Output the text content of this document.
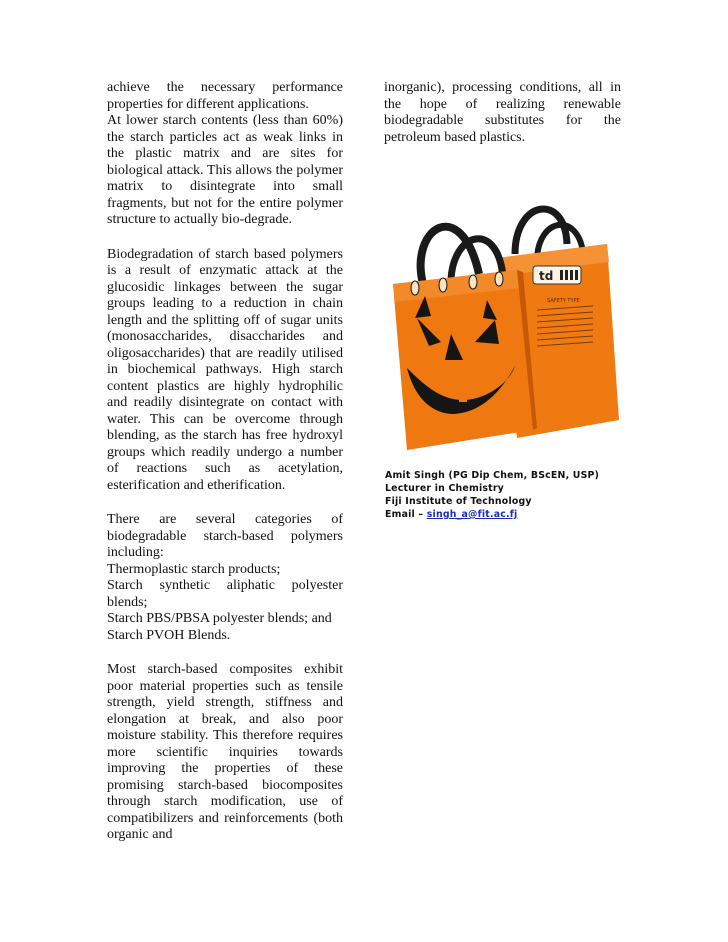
achieve the necessary performance properties for different applications.
At lower starch contents (less than 60%) the starch particles act as weak links in the plastic matrix and are sites for biological attack. This allows the polymer matrix to disintegrate into small fragments, but not for the entire polymer structure to actually bio-degrade.

Biodegradation of starch based polymers is a result of enzymatic attack at the glucosidic linkages between the sugar groups leading to a reduction in chain length and the splitting off of sugar units (monosaccharides, disaccharides and oligosaccharides) that are readily utilised in biochemical pathways. High starch content plastics are highly hydrophilic and readily disintegrate on contact with water. This can be overcome through blending, as the starch has free hydroxyl groups which readily undergo a number of reactions such as acetylation, esterification and etherification.

There are several categories of biodegradable starch-based polymers including:
Thermoplastic starch products;
Starch synthetic aliphatic polyester blends;
Starch PBS/PBSA polyester blends; and
Starch PVOH Blends.

Most starch-based composites exhibit poor material properties such as tensile strength, yield strength, stiffness and elongation at break, and also poor moisture stability. This therefore requires more scientific inquiries towards improving the properties of these promising starch-based biocomposites through starch modification, use of compatibilizers and reinforcements (both organic and

inorganic), processing conditions, all in the hope of realizing renewable biodegradable substitutes for the petroleum based plastics.

td
SAFETY TYPE
Amit Singh (PG Dip Chem, BScEN, USP)
Lecturer in Chemistry
Fiji Institute of Technology
Email – singh_a@fit.ac.fj
